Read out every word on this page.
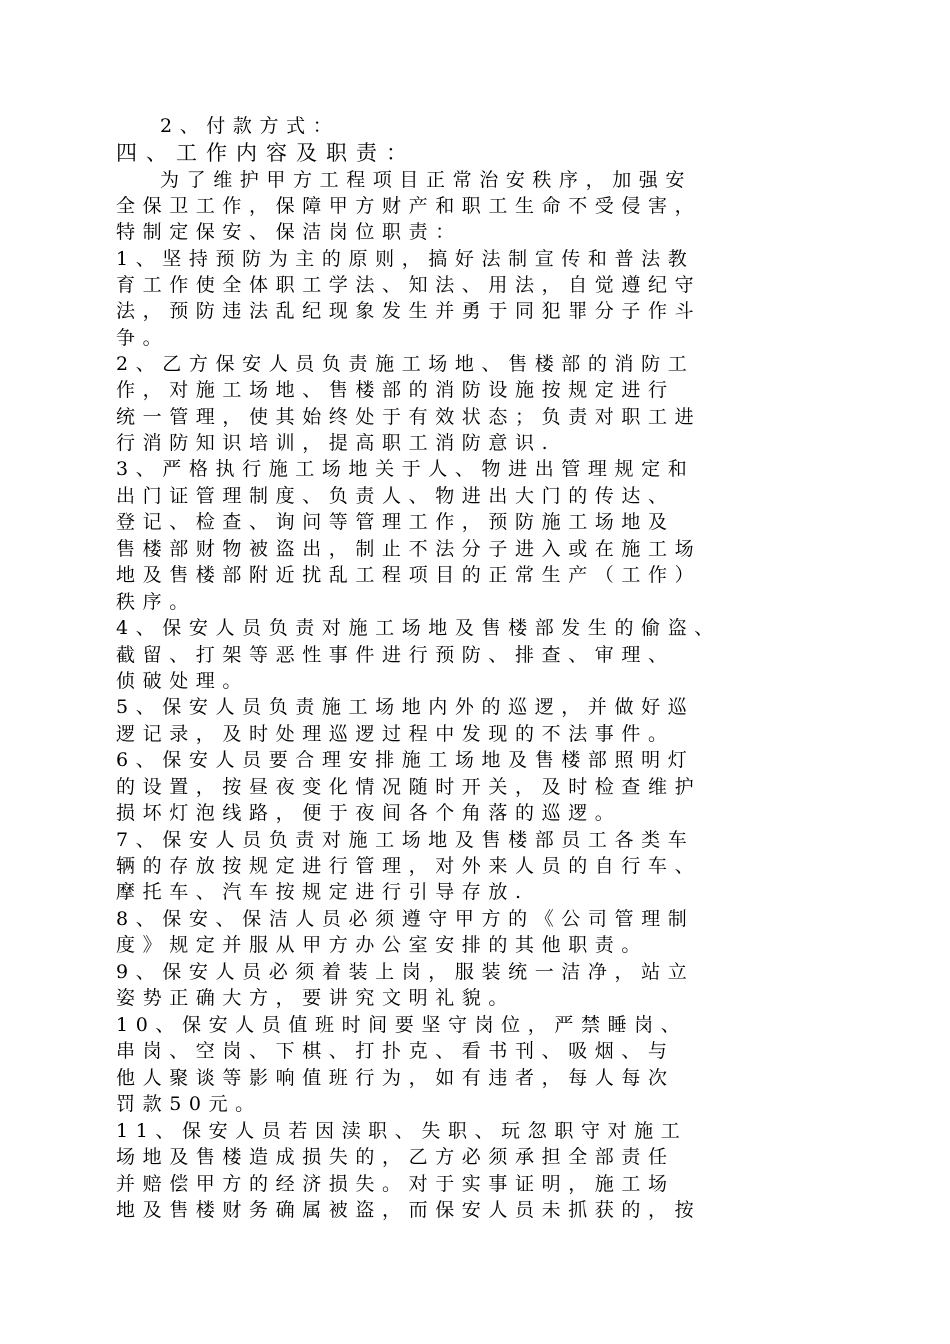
2、付款方式：
四、工作内容及职责：
为了维护甲方工程项目正常治安秩序，加强安
全保卫工作，保障甲方财产和职工生命不受侵害，
特制定保安、保洁岗位职责：
1、坚持预防为主的原则，搞好法制宣传和普法教
育工作使全体职工学法、知法、用法，自觉遵纪守
法，预防违法乱纪现象发生并勇于同犯罪分子作斗
争。
2、乙方保安人员负责施工场地、售楼部的消防工
作，对施工场地、售楼部的消防设施按规定进行
统一管理，使其始终处于有效状态；负责对职工进
行消防知识培训，提高职工消防意识.
3、严格执行施工场地关于人、物进出管理规定和
出门证管理制度、负责人、物进出大门的传达、
登记、检查、询问等管理工作，预防施工场地及
售楼部财物被盗出，制止不法分子进入或在施工场
地及售楼部附近扰乱工程项目的正常生产（工作）
秩序。
4、保安人员负责对施工场地及售楼部发生的偷盗、
截留、打架等恶性事件进行预防、排查、审理、
侦破处理。
5、保安人员负责施工场地内外的巡逻，并做好巡
逻记录，及时处理巡逻过程中发现的不法事件。
6、保安人员要合理安排施工场地及售楼部照明灯
的设置，按昼夜变化情况随时开关，及时检查维护
损坏灯泡线路，便于夜间各个角落的巡逻。
7、保安人员负责对施工场地及售楼部员工各类车
辆的存放按规定进行管理，对外来人员的自行车、
摩托车、汽车按规定进行引导存放.
8、保安、保洁人员必须遵守甲方的《公司管理制
度》规定并服从甲方办公室安排的其他职责。
9、保安人员必须着装上岗，服装统一洁净，站立
姿势正确大方，要讲究文明礼貌。
10、保安人员值班时间要坚守岗位，严禁睡岗、
串岗、空岗、下棋、打扑克、看书刊、吸烟、与
他人聚谈等影响值班行为，如有违者，每人每次
罚款50元。
11、保安人员若因渎职、失职、玩忽职守对施工
场地及售楼造成损失的，乙方必须承担全部责任
并赔偿甲方的经济损失。对于实事证明，施工场
地及售楼财务确属被盗，而保安人员未抓获的，按
